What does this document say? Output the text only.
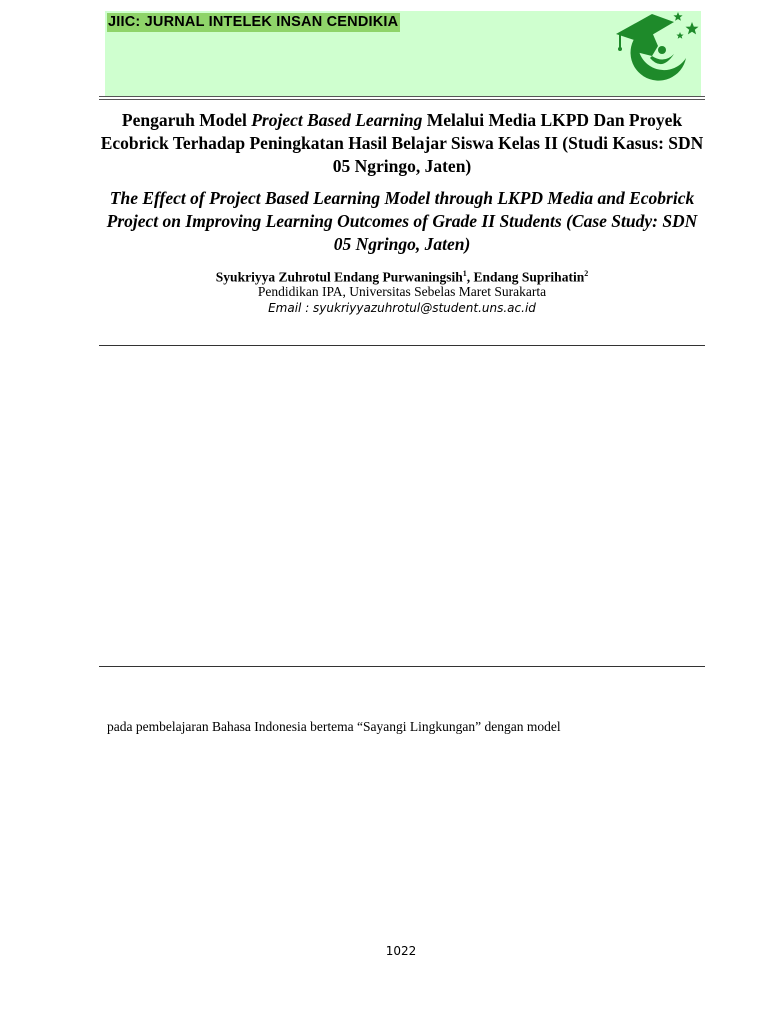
JIIC: JURNAL INTELEK INSAN CENDIKIA
Pengaruh Model Project Based Learning Melalui Media LKPD Dan Proyek Ecobrick Terhadap Peningkatan Hasil Belajar Siswa Kelas II (Studi Kasus: SDN 05 Ngringo, Jaten)
The Effect of Project Based Learning Model through LKPD Media and Ecobrick Project on Improving Learning Outcomes of Grade II Students (Case Study: SDN 05 Ngringo, Jaten)
Syukriyya Zuhrotul Endang Purwaningsih$^1$, Endang Suprihatin$^2$
Pendidikan IPA, Universitas Sebelas Maret Surakarta
Email : syukriyyazuhrotul@student.uns.ac.id
pada pembelajaran Bahasa Indonesia bertema “Sayangi Lingkungan” dengan model
1022
